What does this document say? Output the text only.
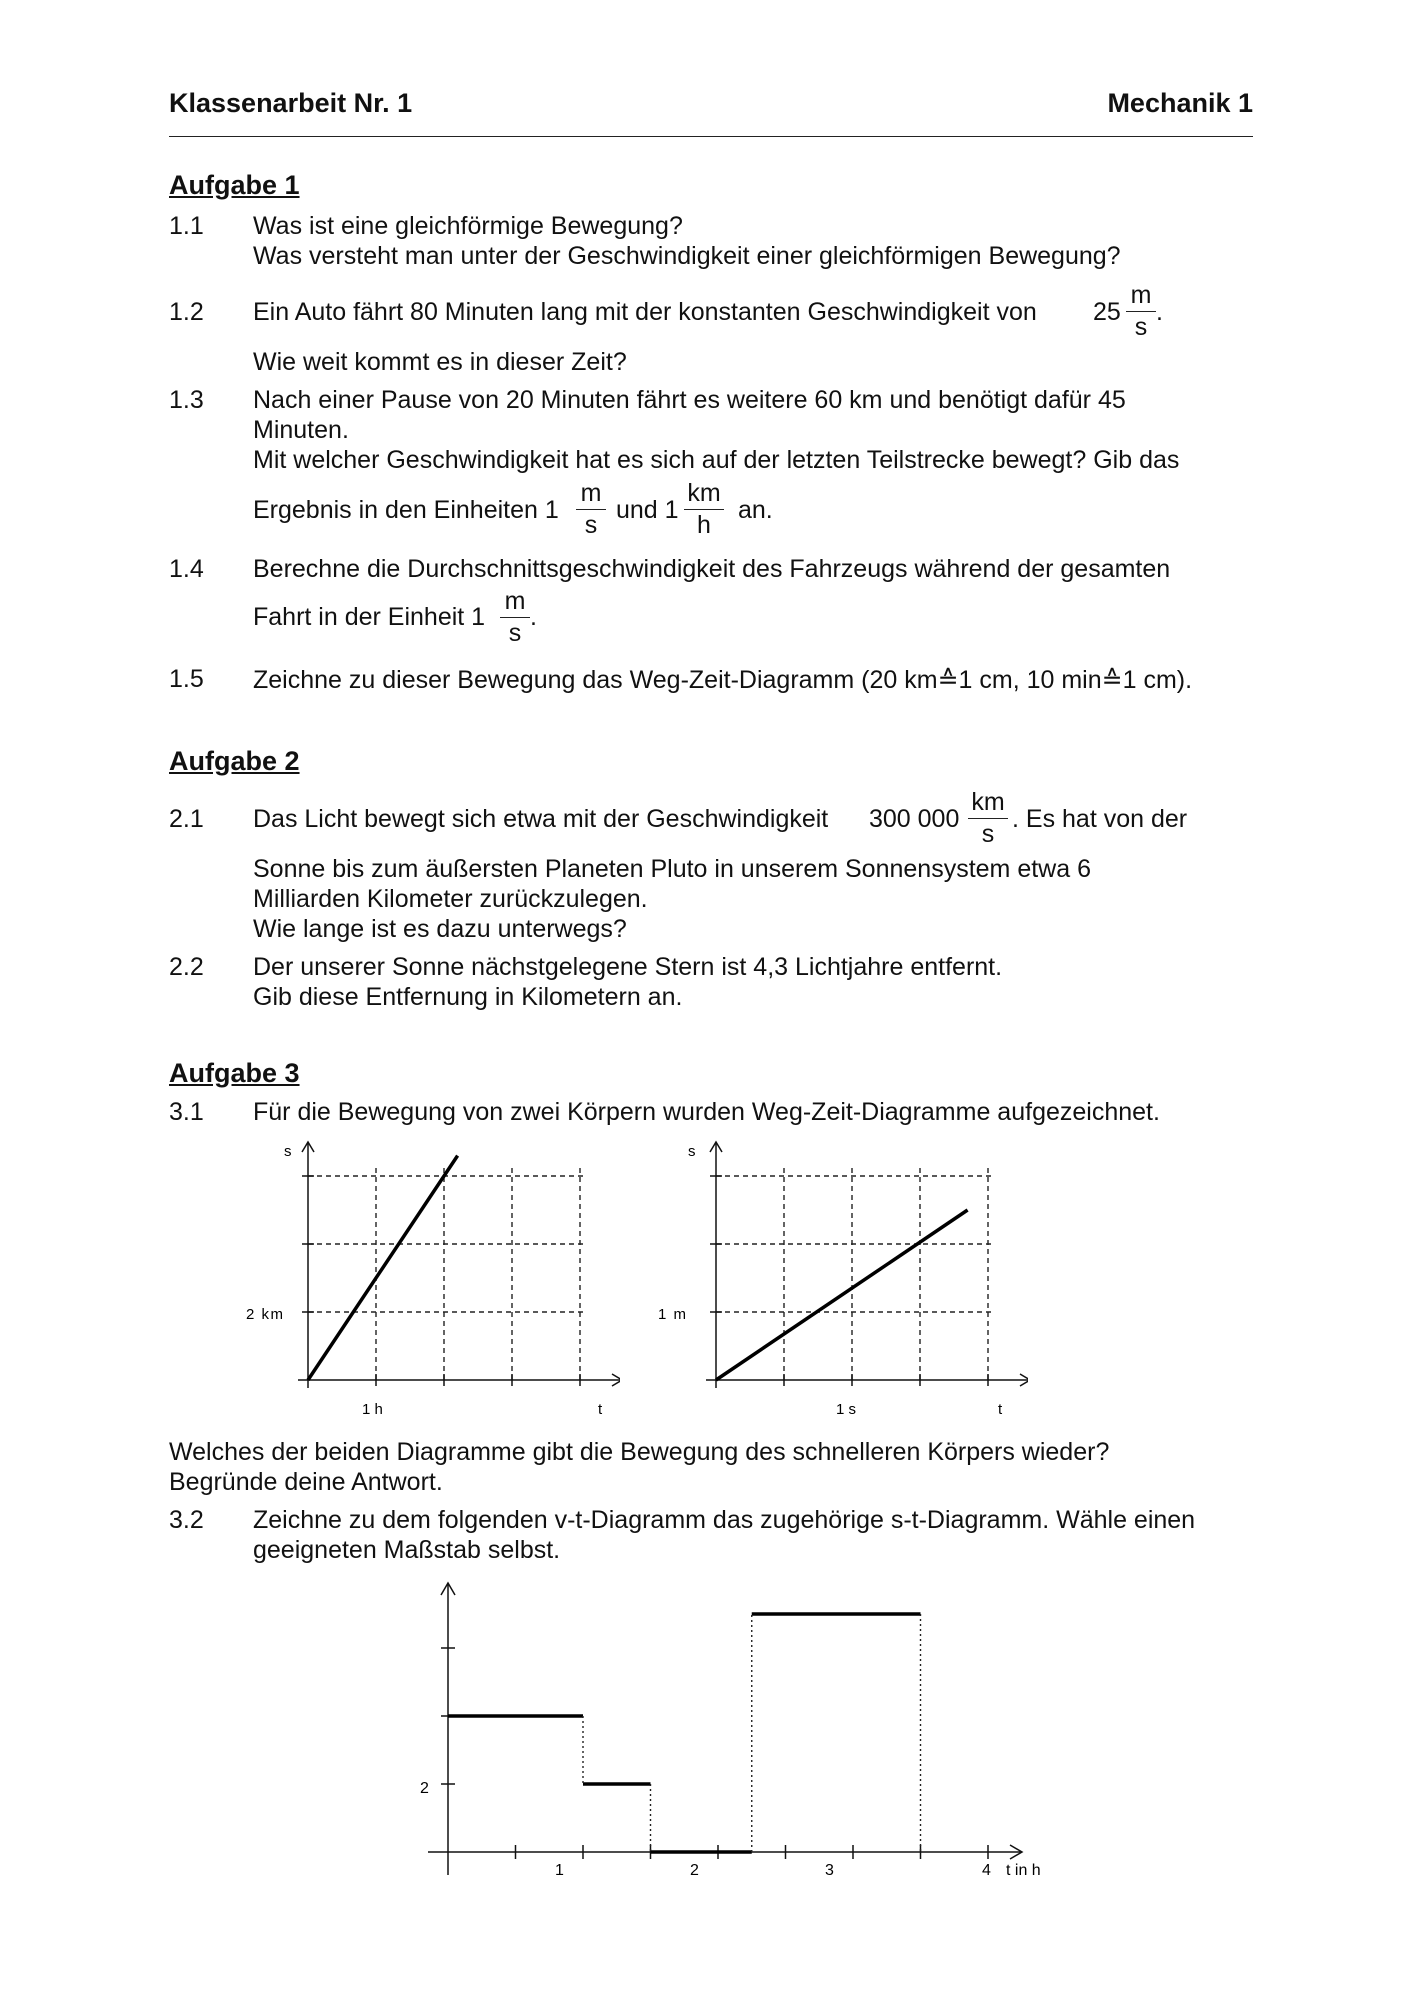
Klassenarbeit Nr. 1	Mechanik 1
Aufgabe 1
1.1 Was ist eine gleichförmige Bewegung?
Was versteht man unter der Geschwindigkeit einer gleichförmigen Bewegung?
1.2 Ein Auto fährt 80 Minuten lang mit der konstanten Geschwindigkeit von 25
m
s
.
Wie weit kommt es in dieser Zeit?
1.3 Nach einer Pause von 20 Minuten fährt es weitere 60 km und benötigt dafür 45
Minuten.
Mit welcher Geschwindigkeit hat es sich auf der letzten Teilstrecke bewegt? Gib das
Ergebnis in den Einheiten 1
m
s
und 1
km
h
an.
1.4 Berechne die Durchschnittsgeschwindigkeit des Fahrzeugs während der gesamten
Fahrt in der Einheit 1
m
s
.
1.5 Zeichne zu dieser Bewegung das Weg-Zeit-Diagramm (20 km≙1 cm, 10 min≙1 cm).
Aufgabe 2
2.1 Das Licht bewegt sich etwa mit der Geschwindigkeit 300 000
km
s
. Es hat von der
Sonne bis zum äußersten Planeten Pluto in unserem Sonnensystem etwa 6
Milliarden Kilometer zurückzulegen.
Wie lange ist es dazu unterwegs?
2.2 Der unserer Sonne nächstgelegene Stern ist 4,3 Lichtjahre entfernt.
Gib diese Entfernung in Kilometern an.
Aufgabe 3
3.1 Für die Bewegung von zwei Körpern wurden Weg-Zeit-Diagramme aufgezeichnet.
s
2 km
1 h	t
s
1 m
1 s	t
Welches der beiden Diagramme gibt die Bewegung des schnelleren Körpers wieder?
Begründe deine Antwort.
3.2 Zeichne zu dem folgenden v-t-Diagramm das zugehörige s-t-Diagramm. Wähle einen
geeigneten Maßstab selbst.
2
1	2	3	4 t in h
